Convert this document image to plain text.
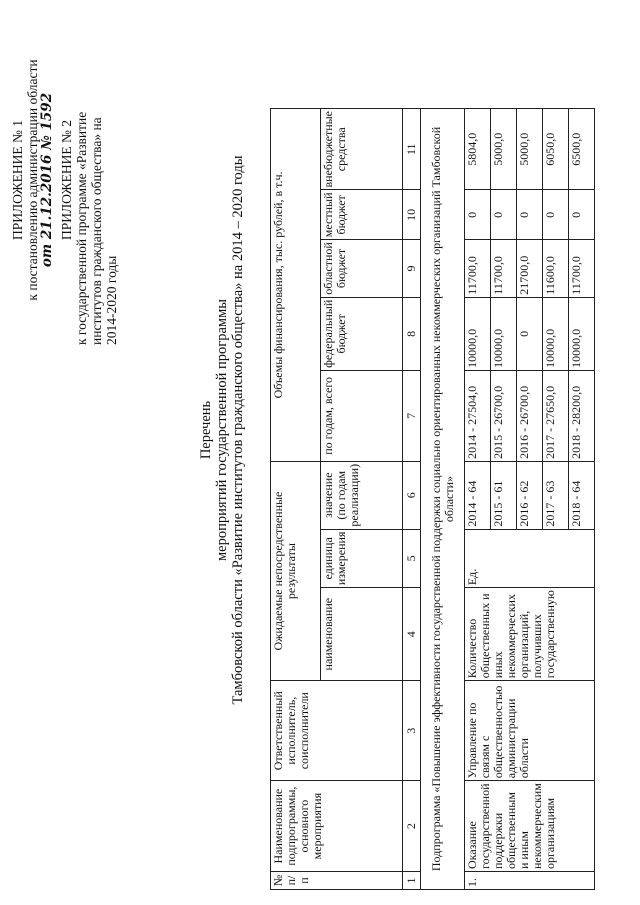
ПРИЛОЖЕНИЕ № 1 к постановлению администрации области от 21.12.2016 № 1592 ПРИЛОЖЕНИЕ № 2 к государственной программе «Развитие институтов гражданского общества» на 2014-2020 годы
Перечень мероприятий государственной программы Тамбовской области «Развитие институтов гражданского общества» на 2014 – 2020 годы
№ п/п	Наименование подпрограммы, основного мероприятия	Ответственный исполнитель, соисполнители	Ожидаемые непосредственные результаты			Объемы финансирования, тыс. рублей, в т.ч.				
			наименование	единица измерения	значение (по годам реализации)	по годам, всего	федеральный бюджет	областной бюджет	местный бюджет	внебюджетные средства
1	2	3	4	5	6	7	8	9	10	11
Подпрограмма «Повышение эффективности государственной поддержки социально ориентированных некоммерческих организаций Тамбовской области»										
1.	Оказание государственной поддержки общественным и иным некоммерческим организациям	Управление по связям с общественностью администрации области	Количество общественных и иных некоммерческих организаций, получивших государственную	Ед.	2014 - 64	2014 - 27504,0	10000,0	11700,0	0	5804,0
					2015 - 61	2015 - 26700,0	10000,0	11700,0	0	5000,0
					2016 - 62	2016 - 26700,0	0	21700,0	0	5000,0
					2017 - 63	2017 - 27650,0	10000,0	11600,0	0	6050,0
					2018 - 64	2018 - 28200,0	10000,0	11700,0	0	6500,0
